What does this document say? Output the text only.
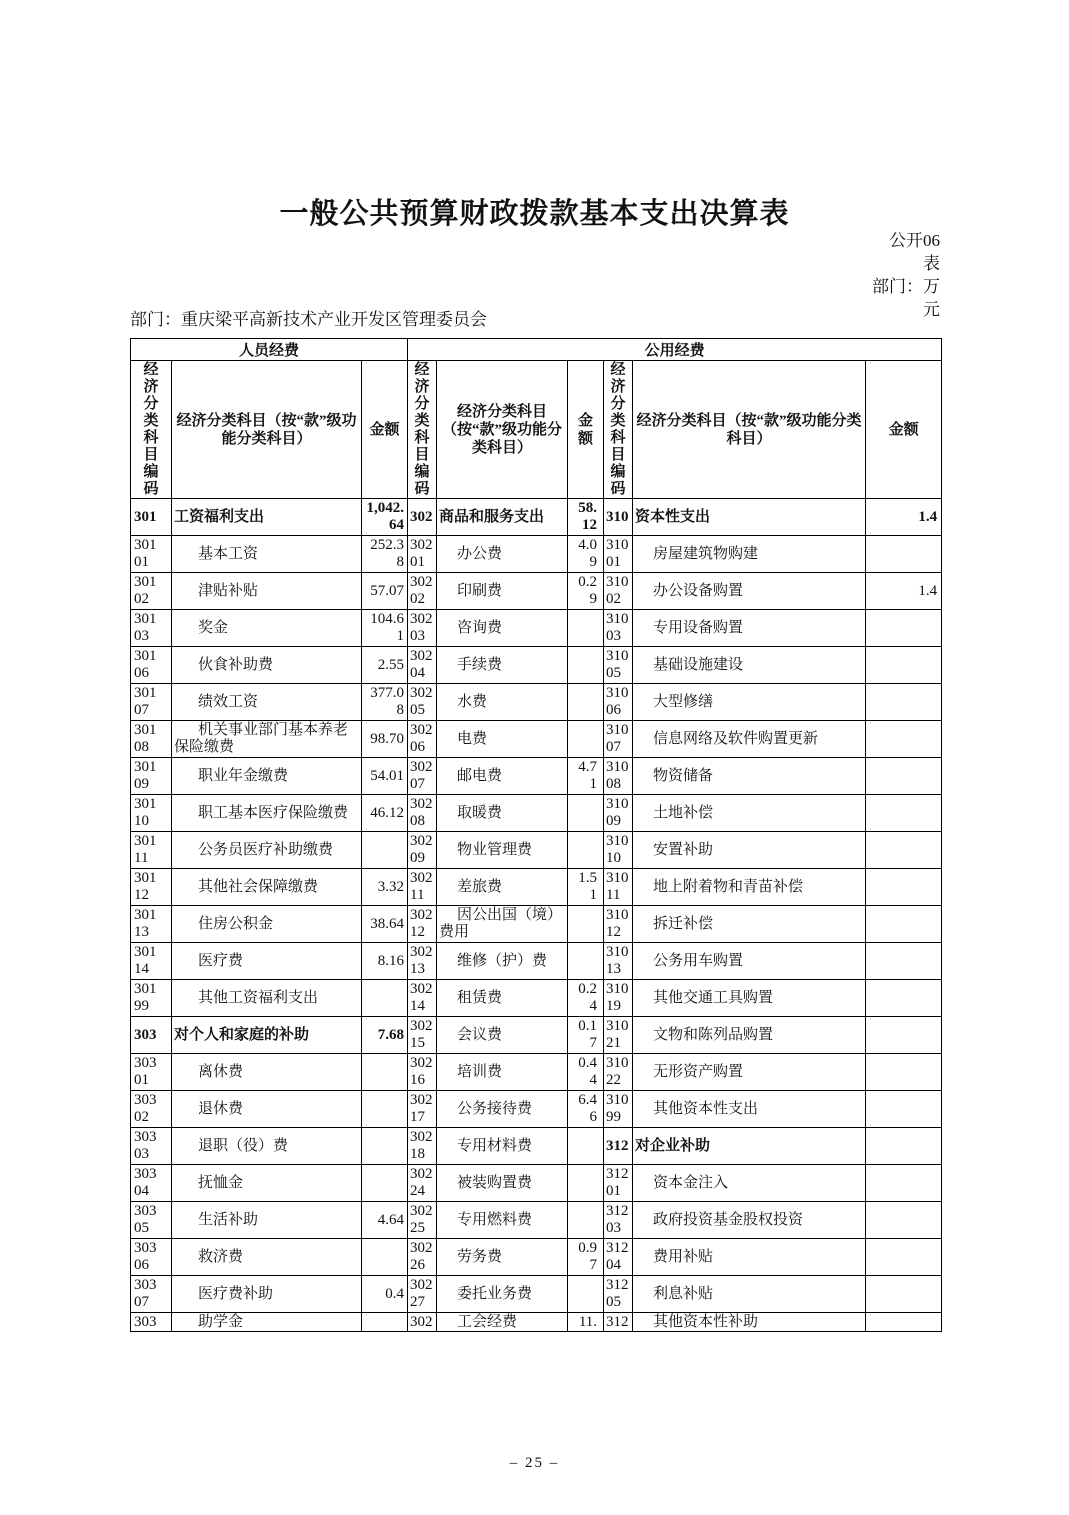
一般公共预算财政拨款基本支出决算表
公开06
表
部门：万
元
部门：重庆梁平高新技术产业开发区管理委员会
人员经费			公用经费					
经济分类科目编码	经济分类科目（按“款”级功能分类科目）	金额	经济分类科目编码	经济分类科目（按“款”级功能分类科目）	金额	经济分类科目编码	经济分类科目（按“款”级功能分类科目）	金额
301	工资福利支出	1,042.64	302	商品和服务支出	58.12	310	资本性支出	1.4
30101	基本工资	252.38	30201	办公费	4.09	31001	房屋建筑物购建	
30102	津贴补贴	57.07	30202	印刷费	0.29	31002	办公设备购置	1.4
30103	奖金	104.61	30203	咨询费		31003	专用设备购置	
30106	伙食补助费	2.55	30204	手续费		31005	基础设施建设	
30107	绩效工资	377.08	30205	水费		31006	大型修缮	
30108	机关事业部门基本养老保险缴费	98.70	30206	电费		31007	信息网络及软件购置更新	
30109	职业年金缴费	54.01	30207	邮电费	4.71	31008	物资储备	
30110	职工基本医疗保险缴费	46.12	30208	取暖费		31009	土地补偿	
30111	公务员医疗补助缴费		30209	物业管理费		31010	安置补助	
30112	其他社会保障缴费	3.32	30211	差旅费	1.51	31011	地上附着物和青苗补偿	
30113	住房公积金	38.64	30212	因公出国（境）费用		31012	拆迁补偿	
30114	医疗费	8.16	30213	维修（护）费		31013	公务用车购置	
30199	其他工资福利支出		30214	租赁费	0.24	31019	其他交通工具购置	
303	对个人和家庭的补助	7.68	30215	会议费	0.17	31021	文物和陈列品购置	
30301	离休费		30216	培训费	0.44	31022	无形资产购置	
30302	退休费		30217	公务接待费	6.46	31099	其他资本性支出	
30303	退职（役）费		30218	专用材料费		312	对企业补助	
30304	抚恤金		30224	被装购置费		31201	资本金注入	
30305	生活补助	4.64	30225	专用燃料费		31203	政府投资基金股权投资	
30306	救济费		30226	劳务费	0.97	31204	费用补贴	
30307	医疗费补助	0.4	30227	委托业务费		31205	利息补贴	
303	助学金		302	工会经费	11.	312	其他资本性补助	
– 25 –
